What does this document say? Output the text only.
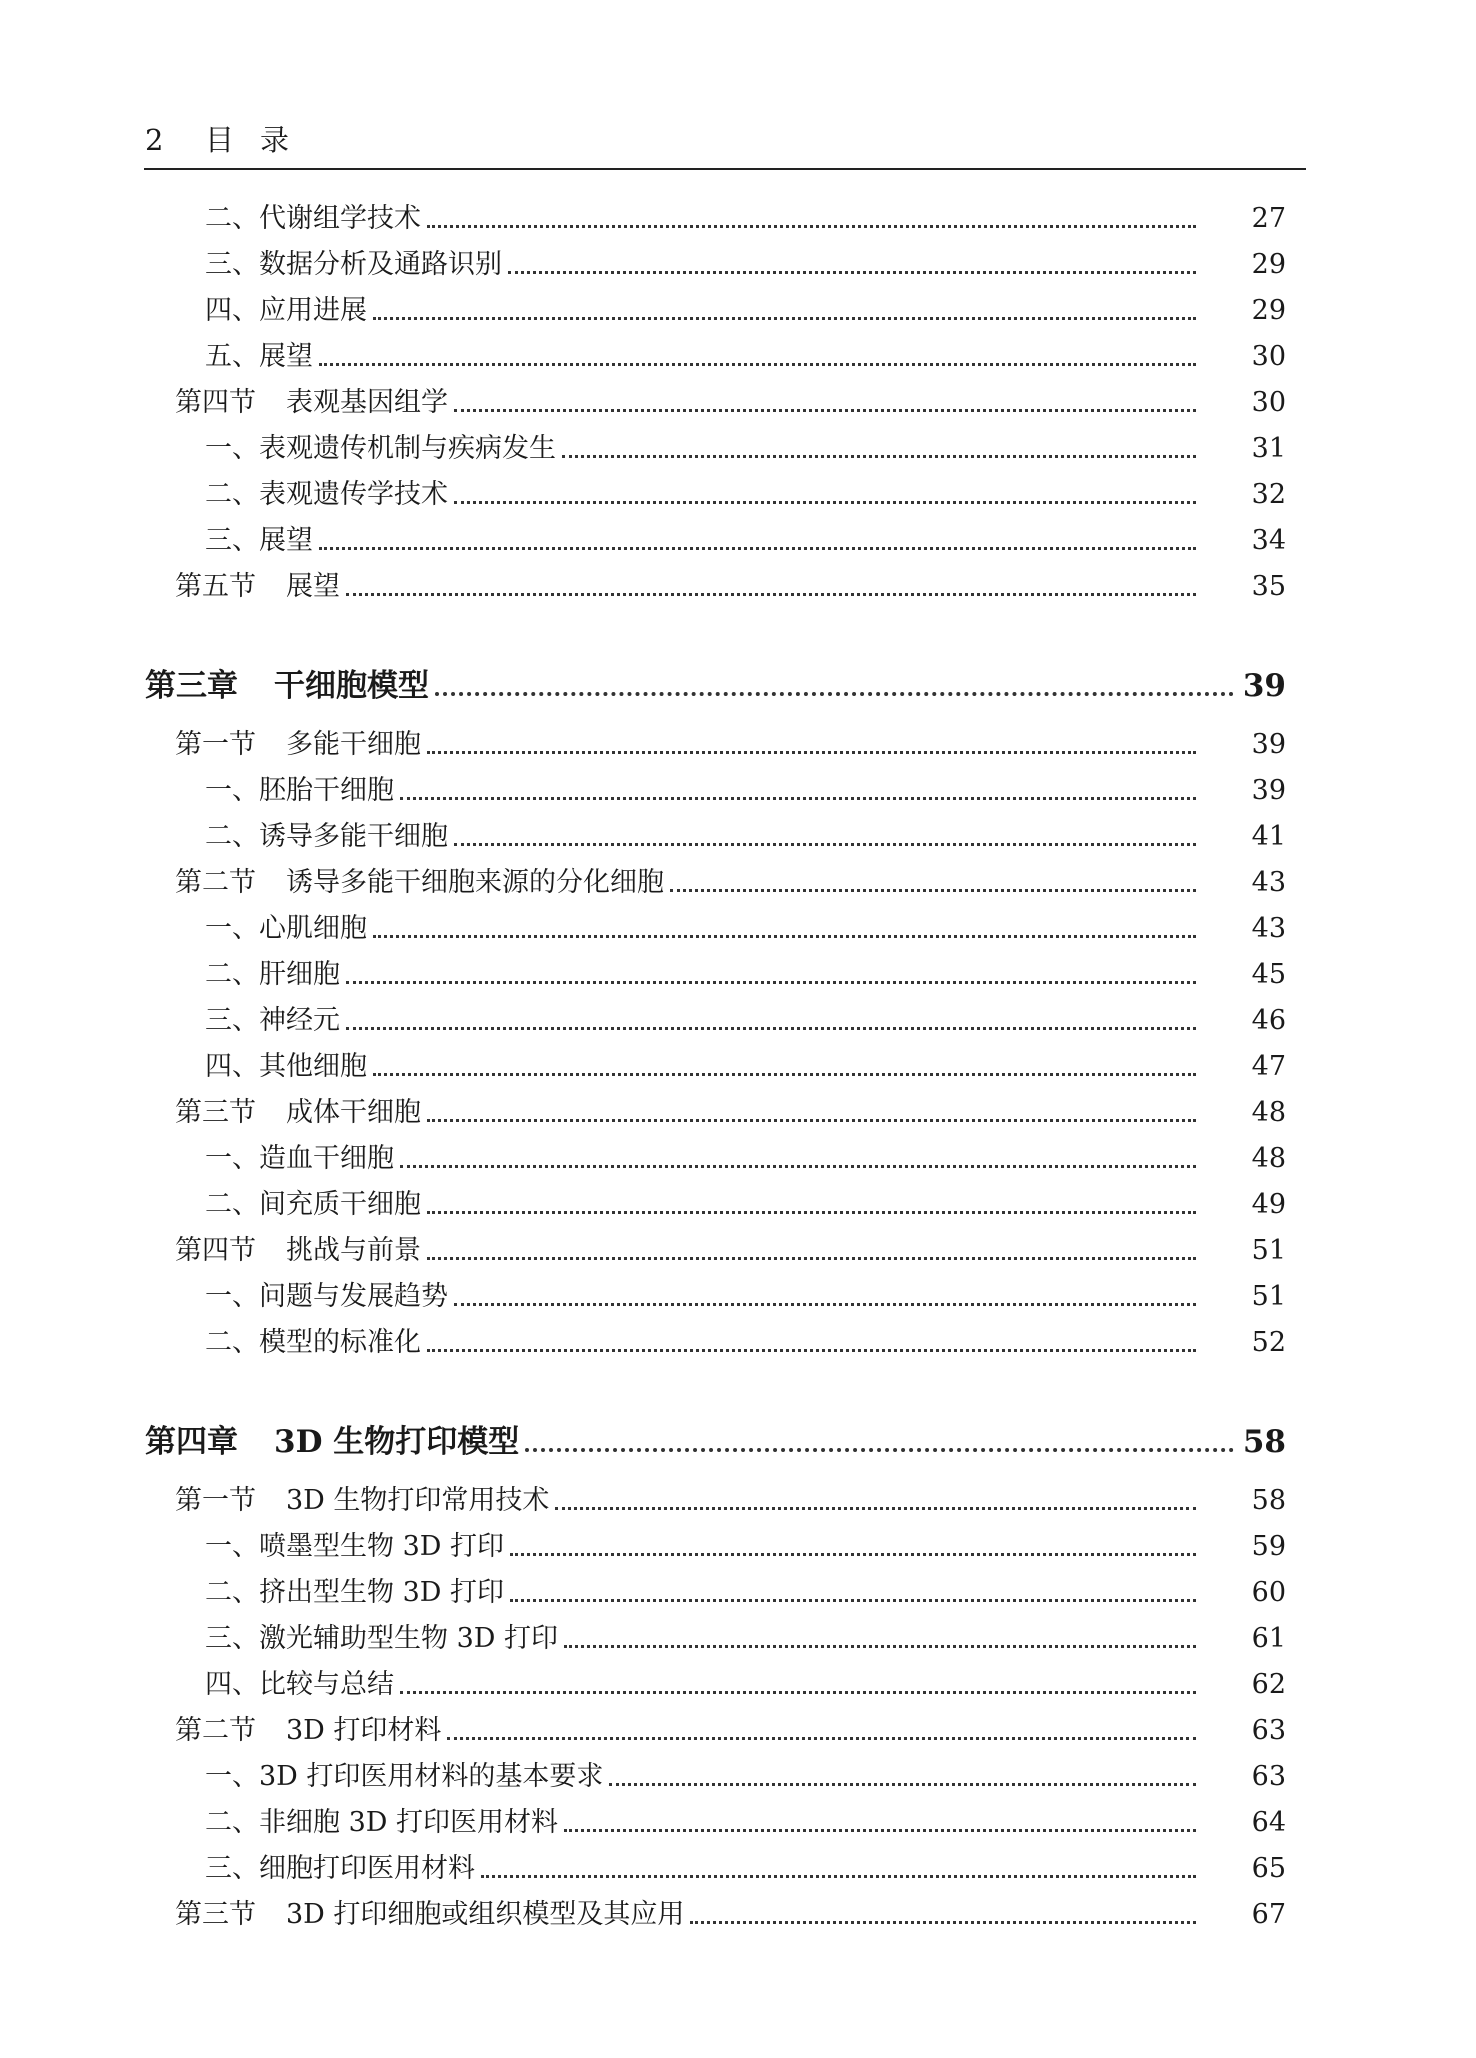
2 目录
二、代谢组学技术	27
三、数据分析及通路识别	29
四、应用进展	29
五、展望	30
第四节 表观基因组学	30
一、表观遗传机制与疾病发生	31
二、表观遗传学技术	32
三、展望	34
第五节 展望	35
第三章 干细胞模型	39
第一节 多能干细胞	39
一、胚胎干细胞	39
二、诱导多能干细胞	41
第二节 诱导多能干细胞来源的分化细胞	43
一、心肌细胞	43
二、肝细胞	45
三、神经元	46
四、其他细胞	47
第三节 成体干细胞	48
一、造血干细胞	48
二、间充质干细胞	49
第四节 挑战与前景	51
一、问题与发展趋势	51
二、模型的标准化	52
第四章 3D 生物打印模型	58
第一节 3D 生物打印常用技术	58
一、喷墨型生物 3D 打印	59
二、挤出型生物 3D 打印	60
三、激光辅助型生物 3D 打印	61
四、比较与总结	62
第二节 3D 打印材料	63
一、3D 打印医用材料的基本要求	63
二、非细胞 3D 打印医用材料	64
三、细胞打印医用材料	65
第三节 3D 打印细胞或组织模型及其应用	67
